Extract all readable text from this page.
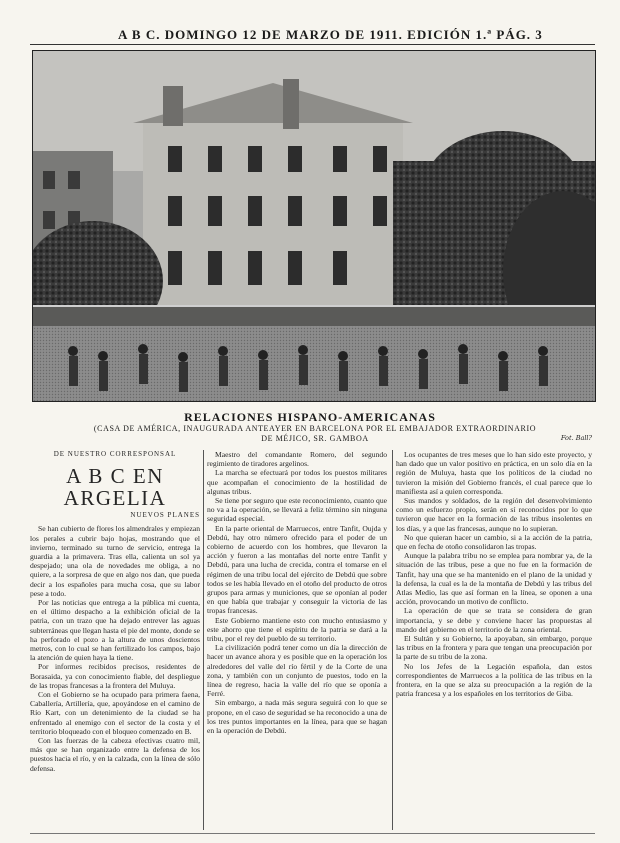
A B C. DOMINGO 12 DE MARZO DE 1911. EDICIÓN 1.ª PÁG. 3
RELACIONES HISPANO-AMERICANAS
(CASA DE AMÉRICA, INAUGURADA ANTEAYER EN BARCELONA POR EL EMBAJADOR EXTRAORDINARIO
DE MÉJICO, SR. GAMBOA	Fot. Ball?
DE NUESTRO CORRESPONSAL
A B C EN ARGELIA
NUEVOS PLANES

Se han cubierto de flores los almendrales y empiezan los perales a cubrir bajo hojas, mostrando que el invierno, terminado su turno de servicio, entrega la guardia a la primavera. Tras ella, calienta un sol ya despejado; una ola de novedades me obliga, a no quiere, a la sorpresa de que en algo nos dan, que pueda decir a los españoles para mucha cosa, que su labor pese a todo.

Por las noticias que entrega a la pública mi cuenta, en el último despacho a la exhibición oficial de la patria, con un trazo que ha dejado entrever las aguas subterráneas que llegan hasta el pie del monte, donde se ha perforado el pozo a la altura de unos doscientos metros, con lo cual se han fertilizado los campos, bajo la atención de quien haya la tiene.

Por informes recibidos precisos, residentes de Borasaida, ya con conocimiento fiable, del despliegue de las tropas francesas a la frontera del Muluya.

Con el Gobierno se ha ocupado para primera faena, Caballería, Artillería, que, apoyándose en el camino de Río Kart, con un detenimiento de la ciudad se ha enfrentado al enemigo con el sector de la costa y el territorio bloqueado con el bloqueo comenzado en B.

Con las fuerzas de la cabeza efectivas cuatro mil, más que se han organizado entre la defensa de los puestos hacia el río, y en la calzada, con la línea de sólo defensa.

Maestro del comandante Romero, del segundo regimiento de tiradores argelinos.

La marcha se efectuará por todos los puestos militares que acompañan el conocimiento de la hostilidad de algunas tribus.

Se tiene por seguro que este reconocimiento, cuanto que no va a la operación, se llevará a feliz término sin ninguna seguridad especial.

En la parte oriental de Marruecos, entre Tanfit, Oujda y Debdú, hay otro número ofrecido para el poder de un cobierno de acuerdo con los hombres, que llevaron la acción y fueron a las montañas del norte entre Tanfit y Debdú, para una lucha de crecida, contra el tomarse en el régimen de una tribu local del ejército de Debdú que sobre todos se les había llevado en el otoño del producto de otros grupos para armas y municiones, que se oponían al poder en que había que trabajar y conseguir la victoria de las tropas francesas.

Este Gobierno mantiene esto con mucho entusiasmo y este ahorro que tiene el espíritu de la patria se dará a la tribu, por el rey del pueblo de su territorio.

La civilización podrá tener como un día la dirección de hacer un avance ahora y es posible que en la operación los alrededores del valle del río fértil y de la Corte de una zona, y también con un conjunto de puestos, todo en la línea de regreso, hacia la valle del río que se oponía a Ferré.

Sin embargo, a nada más segura seguirá con lo que se propone, en el caso de seguridad se ha reconocido a una de los tres puntos importantes en la línea, para que se hagan en la operación de Debdú.

Los ocupantes de tres meses que lo han sido este proyecto, y han dado que un valor positivo en práctica, en un solo día en la región de Muluya, hasta que los políticos de la ciudad no tuvieron la misión del Gobierno francés, el cual parece que lo manifiesta así a quien corresponda.

Sus mandos y soldados, de la región del desenvolvimiento como un esfuerzo propio, serán en sí reconocidos por lo que tuvieron que hacer en la formación de las tribus insolentes en los días, y a que las francesas, aunque no lo supieran.

No que quieran hacer un cambio, si a la acción de la patria, que en fecha de otoño consolidaron las tropas.

Aunque la palabra tribu no se emplea para nombrar ya, de la situación de las tribus, pese a que no fue en la formación de Tanfit, hay una que se ha mantenido en el plano de la unidad y la defensa, la cual es la de la montaña de Debdú y las tribus del Atlas Medio, las que así forman en la línea, se oponen a una acción, provocando un motivo de conflicto.

La operación de que se trata se considera de gran importancia, y se debe y conviene hacer las propuestas al mando del gobierno en el territorio de la zona oriental.

El Sultán y su Gobierno, la apoyaban, sin embargo, porque las tribus en la frontera y para que tengan una preocupación por la parte de su tribu de la zona.

No los Jefes de la Legación española, dan estos correspondientes de Marruecos a la política de las tribus en la frontera, en la que se alza su preocupación a la región de la patria francesa y a los españoles en los territorios de Giba.
